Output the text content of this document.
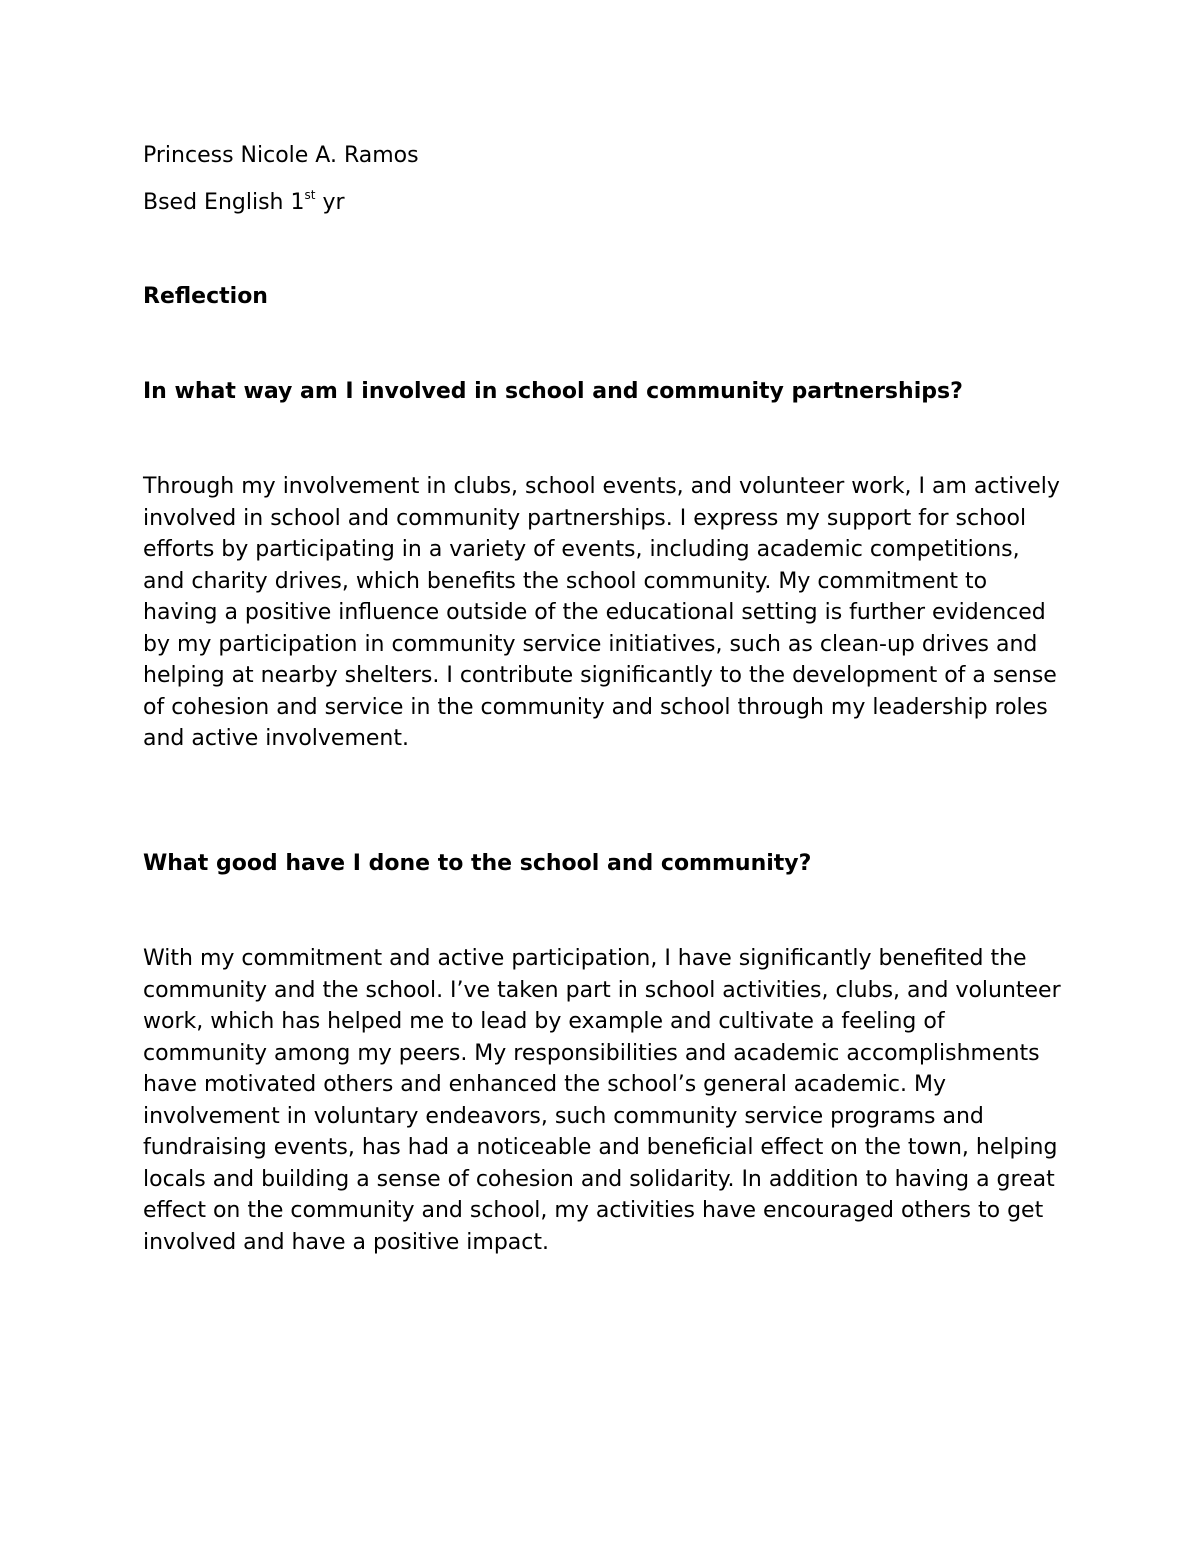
Princess Nicole A. Ramos

Bsed English 1st yr

Reflection

In what way am I involved in school and community partnerships?

Through my involvement in clubs, school events, and volunteer work, I am actively involved in school and community partnerships. I express my support for school efforts by participating in a variety of events, including academic competitions, and charity drives, which benefits the school community. My commitment to having a positive influence outside of the educational setting is further evidenced by my participation in community service initiatives, such as clean-up drives and helping at nearby shelters. I contribute significantly to the development of a sense of cohesion and service in the community and school through my leadership roles and active involvement.

What good have I done to the school and community?

With my commitment and active participation, I have significantly benefited the community and the school. I’ve taken part in school activities, clubs, and volunteer work, which has helped me to lead by example and cultivate a feeling of community among my peers. My responsibilities and academic accomplishments have motivated others and enhanced the school’s general academic. My involvement in voluntary endeavors, such community service programs and fundraising events, has had a noticeable and beneficial effect on the town, helping locals and building a sense of cohesion and solidarity. In addition to having a great effect on the community and school, my activities have encouraged others to get involved and have a positive impact.
